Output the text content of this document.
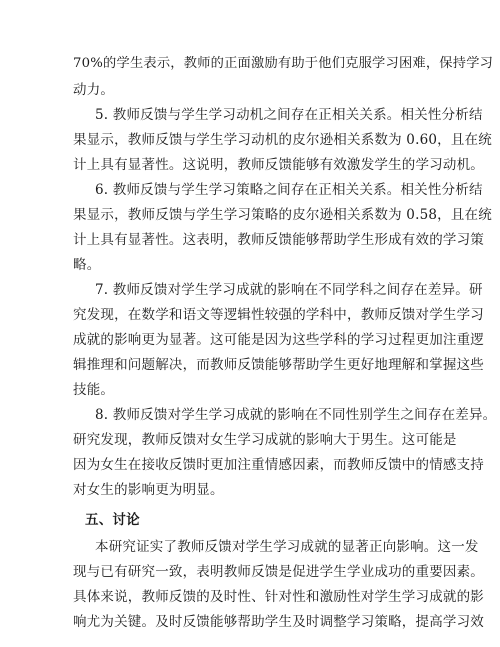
70%的学生表示，教师的正面激励有助于他们克服学习困难，保持学习
动力。
5. 教师反馈与学生学习动机之间存在正相关关系。相关性分析结
果显示，教师反馈与学生学习动机的皮尔逊相关系数为 0.60，且在统
计上具有显著性。这说明，教师反馈能够有效激发学生的学习动机。
6. 教师反馈与学生学习策略之间存在正相关关系。相关性分析结
果显示，教师反馈与学生学习策略的皮尔逊相关系数为 0.58，且在统
计上具有显著性。这表明，教师反馈能够帮助学生形成有效的学习策
略。
7. 教师反馈对学生学习成就的影响在不同学科之间存在差异。研
究发现，在数学和语文等逻辑性较强的学科中，教师反馈对学生学习
成就的影响更为显著。这可能是因为这些学科的学习过程更加注重逻
辑推理和问题解决，而教师反馈能够帮助学生更好地理解和掌握这些
技能。
8. 教师反馈对学生学习成就的影响在不同性别学生之间存在差异。
研究发现，教师反馈对女生学习成就的影响大于男生。这可能是
因为女生在接收反馈时更加注重情感因素，而教师反馈中的情感支持
对女生的影响更为明显。
五、讨论
本研究证实了教师反馈对学生学习成就的显著正向影响。这一发
现与已有研究一致，表明教师反馈是促进学生学业成功的重要因素。
具体来说，教师反馈的及时性、针对性和激励性对学生学习成就的影
响尤为关键。及时反馈能够帮助学生及时调整学习策略，提高学习效
